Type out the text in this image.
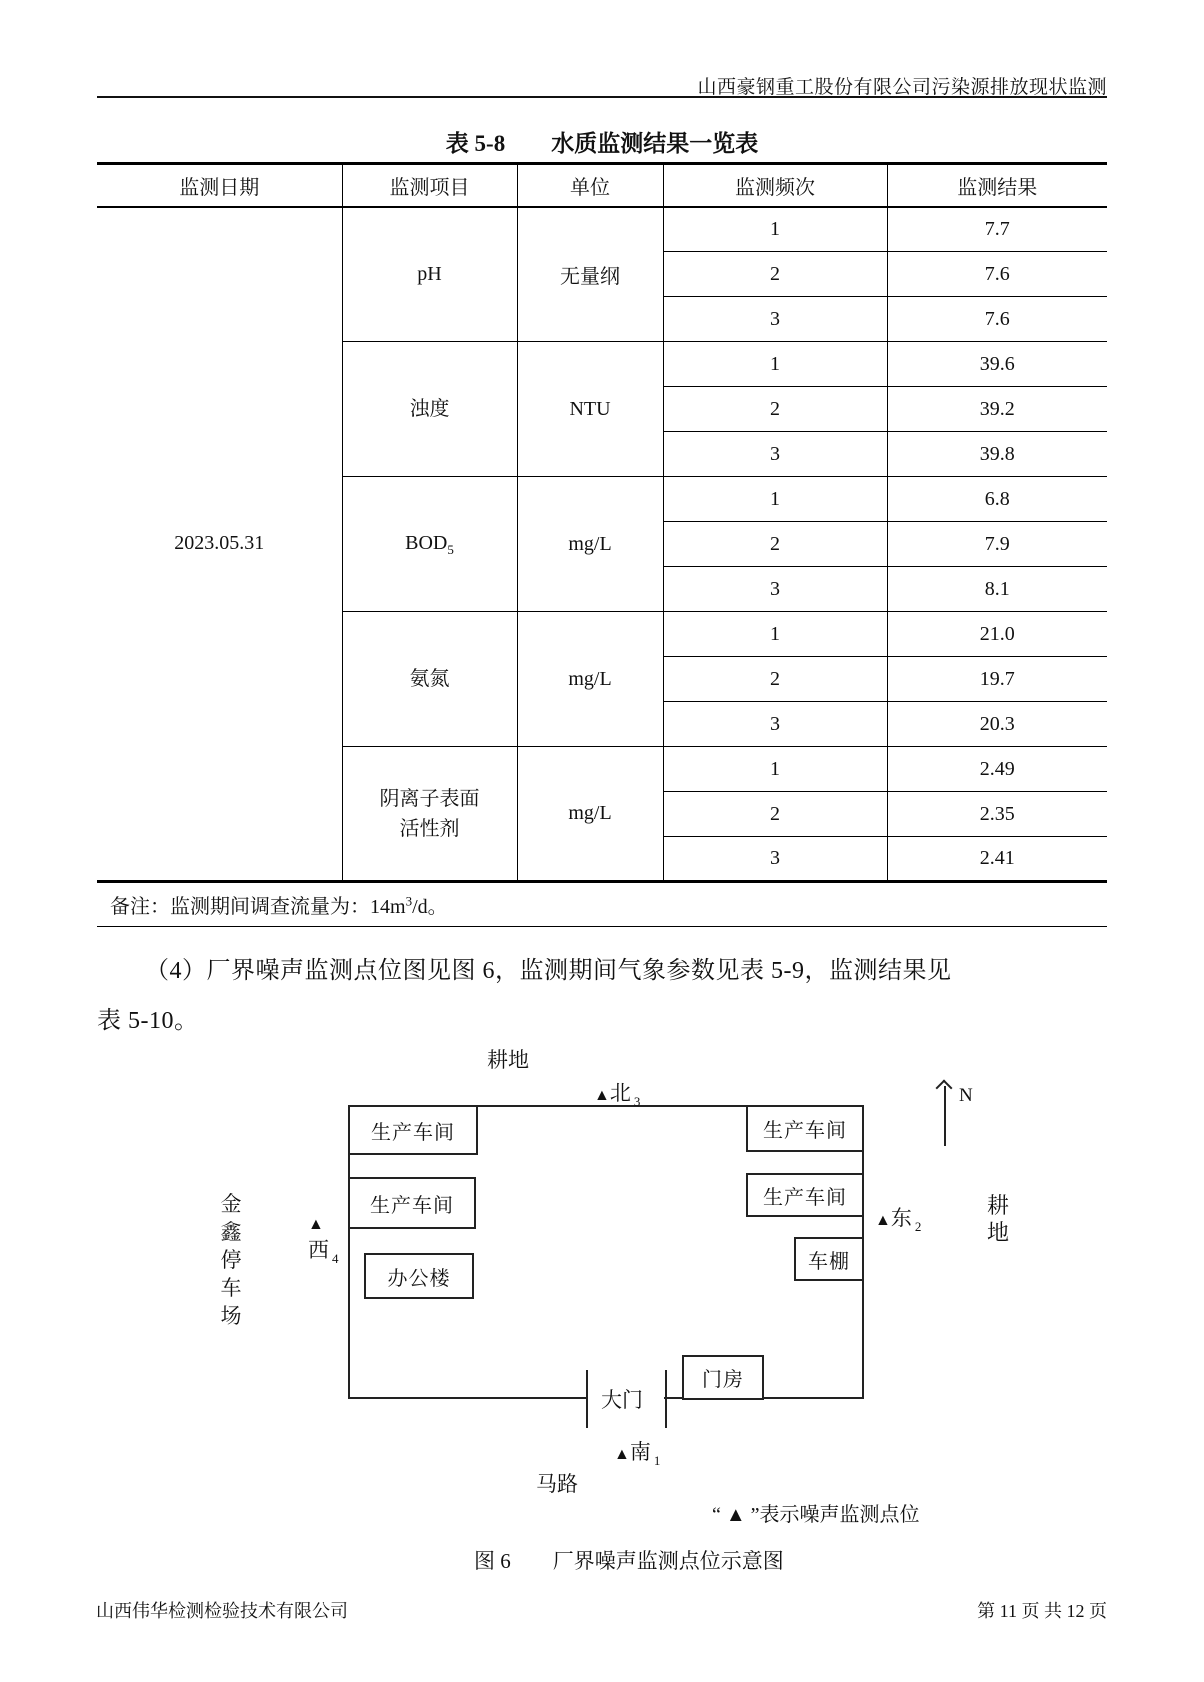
山西豪钢重工股份有限公司污染源排放现状监测
表 5-8　　水质监测结果一览表
监测日期	监测项目	单位	监测频次	监测结果
2023.05.31	pH	无量纲	1	7.7
			2	7.6
			3	7.6
	浊度	NTU	1	39.6
			2	39.2
			3	39.8
	$BOD_5$	mg/L	1	6.8
			2	7.9
			3	8.1
	氨氮	mg/L	1	21.0
			2	19.7
			3	20.3
	阴离子表面活性剂	mg/L	1	2.49
			2	2.35
			3	2.41
备注：监测期间调查流量为：$14m^3/d$。				
（4）厂界噪声监测点位图见图 6，监测期间气象参数见表 5-9，监测结果见
表 5-10。
耕地
▲北 $_3$	N
生产车间	生产车间
生产车间	生产车间
办公楼
车棚
门房
▲
西 $_4$
金鑫停车场
▲东 $_2$
耕地
大门
▲南 $_1$
马路
“ ▲ ”表示噪声监测点位
图 6　　厂界噪声监测点位示意图
山西伟华检测检验技术有限公司	第 11 页 共 12 页
